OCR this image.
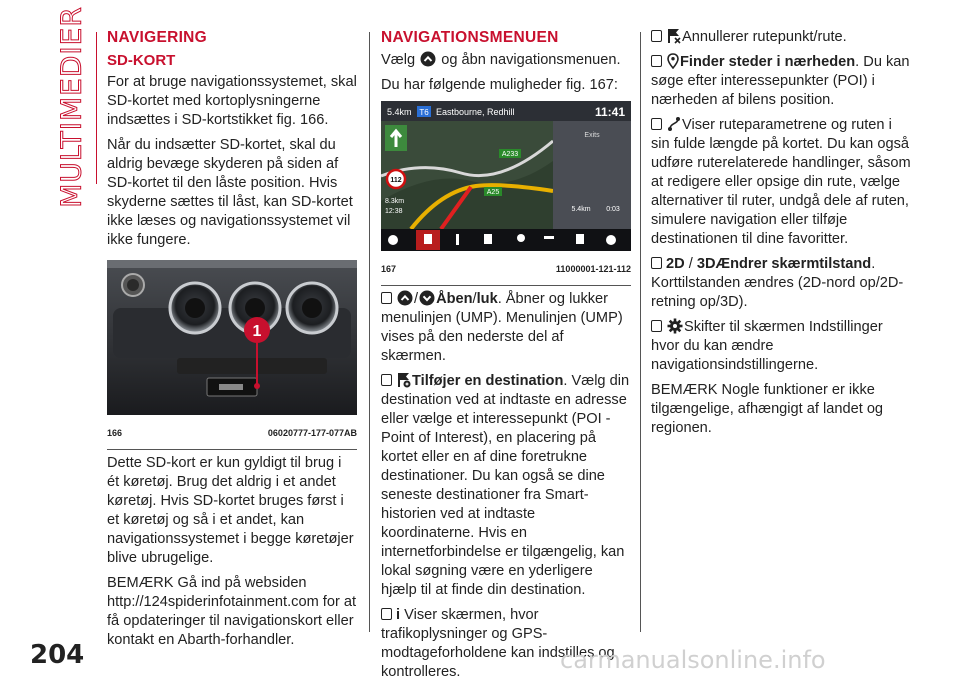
MULTIMEDIER NAVIGERING
SD-KORT

For at bruge navigationssystemet, skal SD-kortet med kortoplysningerne indsættes i SD-kortstikket fig. 166.

Når du indsætter SD-kortet, skal du aldrig bevæge skyderen på siden af SD-kortet til den låste position. Hvis skyderne sættes til låst, kan SD-kortet ikke læses og navigationssystemet vil ikke fungere.

1
166	06020777-177-077AB

Dette SD-kort er kun gyldigt til brug i ét køretøj. Brug det aldrig i et andet køretøj. Hvis SD-kortet bruges først i et køretøj og så i et andet, kan navigationssystemet i begge køretøjer blive ubrugelige.

BEMÆRK Gå ind på websiden http://124spiderinfotainment.com for at få opdateringer til navigationskort eller kontakt en Abarth-forhandler.

NAVIGATIONSMENUEN

Vælg og åbn navigationsmenuen.

Du har følgende muligheder fig. 167:

5.4km T6 Eastbourne, Redhill	11:41
A233
A25
112
8.3km
12:38
Exits
5.4km 0:03
167	11000001-121-112

/ Åben/luk. Åbner og lukker menulinjen (UMP). Menulinjen (UMP) vises på den nederste del af skærmen.

Tilføjer en destination. Vælg din destination ved at indtaste en adresse eller vælge et interessepunkt (POI - Point of Interest), en placering på kortet eller en af dine foretrukne destinationer. Du kan også se dine seneste destinationer fra Smart-historien ved at indtaste koordinaterne. Hvis en internetforbindelse er tilgængelig, kan lokal søgning være en yderligere hjælp til at finde din destination.

i Viser skærmen, hvor trafikoplysninger og GPS-modtageforholdene kan indstilles og kontrolleres.

Annullerer rutepunkt/rute.

Finder steder i nærheden. Du kan søge efter interessepunkter (POI) i nærheden af bilens position.

Viser ruteparametrene og ruten i sin fulde længde på kortet. Du kan også udføre ruterelaterede handlinger, såsom at redigere eller opsige din rute, vælge alternativer til ruter, undgå dele af ruten, simulere navigation eller tilføje destinationen til dine favoritter.

2D / 3DÆndrer skærmtilstand. Korttilstanden ændres (2D-nord op/2D-retning op/3D).

Skifter til skærmen Indstillinger hvor du kan ændre navigationsindstillingerne.

BEMÆRK Nogle funktioner er ikke tilgængelige, afhængigt af landet og regionen.

204	carmanualsonline.info
